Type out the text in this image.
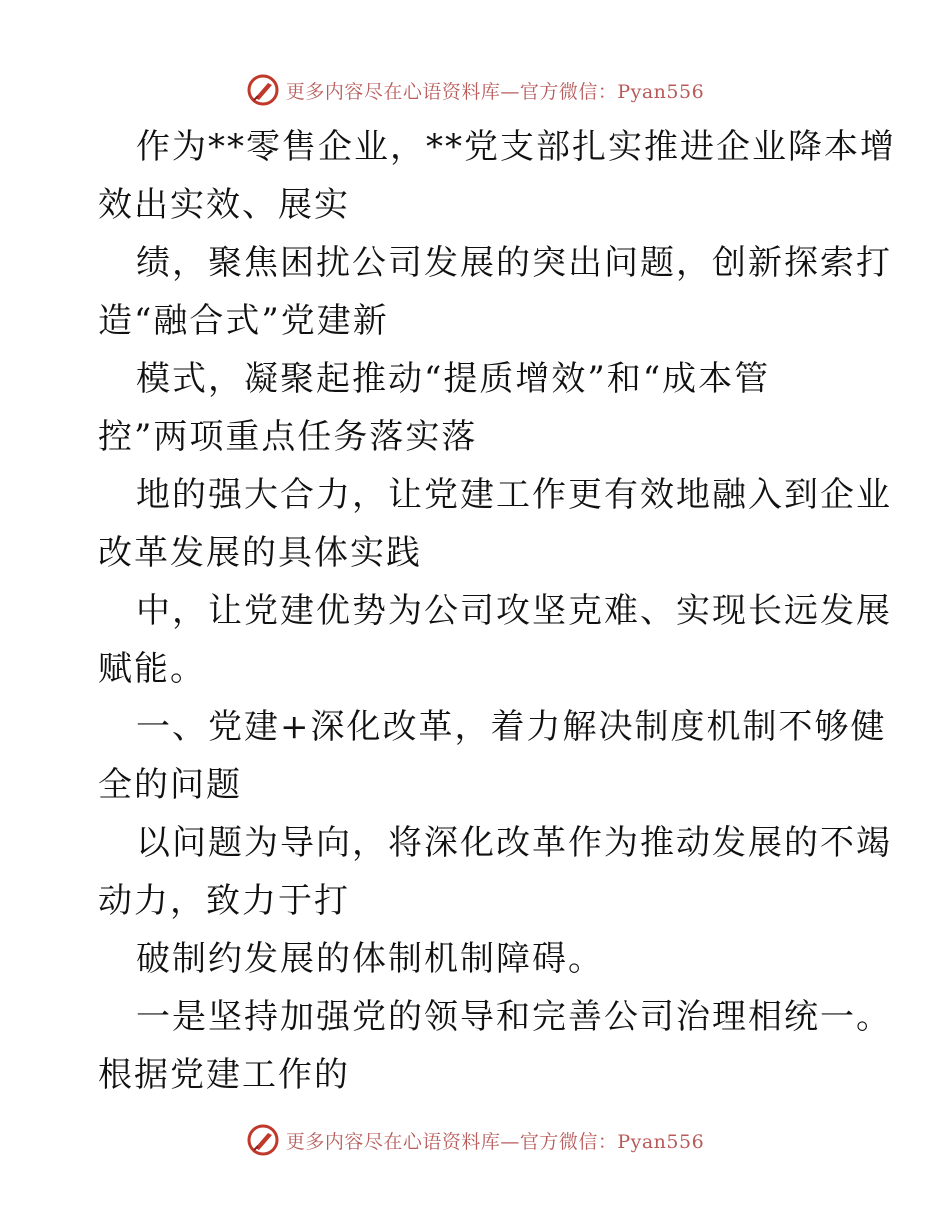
更多内容尽在心语资料库—官方微信：Pyan556
作为**零售企业，**党支部扎实推进企业降本增
效出实效、展实
绩，聚焦困扰公司发展的突出问题，创新探索打
造“融合式”党建新
模式，凝聚起推动“提质增效”和“成本管
控”两项重点任务落实落
地的强大合力，让党建工作更有效地融入到企业
改革发展的具体实践
中，让党建优势为公司攻坚克难、实现长远发展
赋能。
一、党建+深化改革，着力解决制度机制不够健
全的问题
以问题为导向，将深化改革作为推动发展的不竭
动力，致力于打
破制约发展的体制机制障碍。
一是坚持加强党的领导和完善公司治理相统一。
根据党建工作的
更多内容尽在心语资料库—官方微信：Pyan556
